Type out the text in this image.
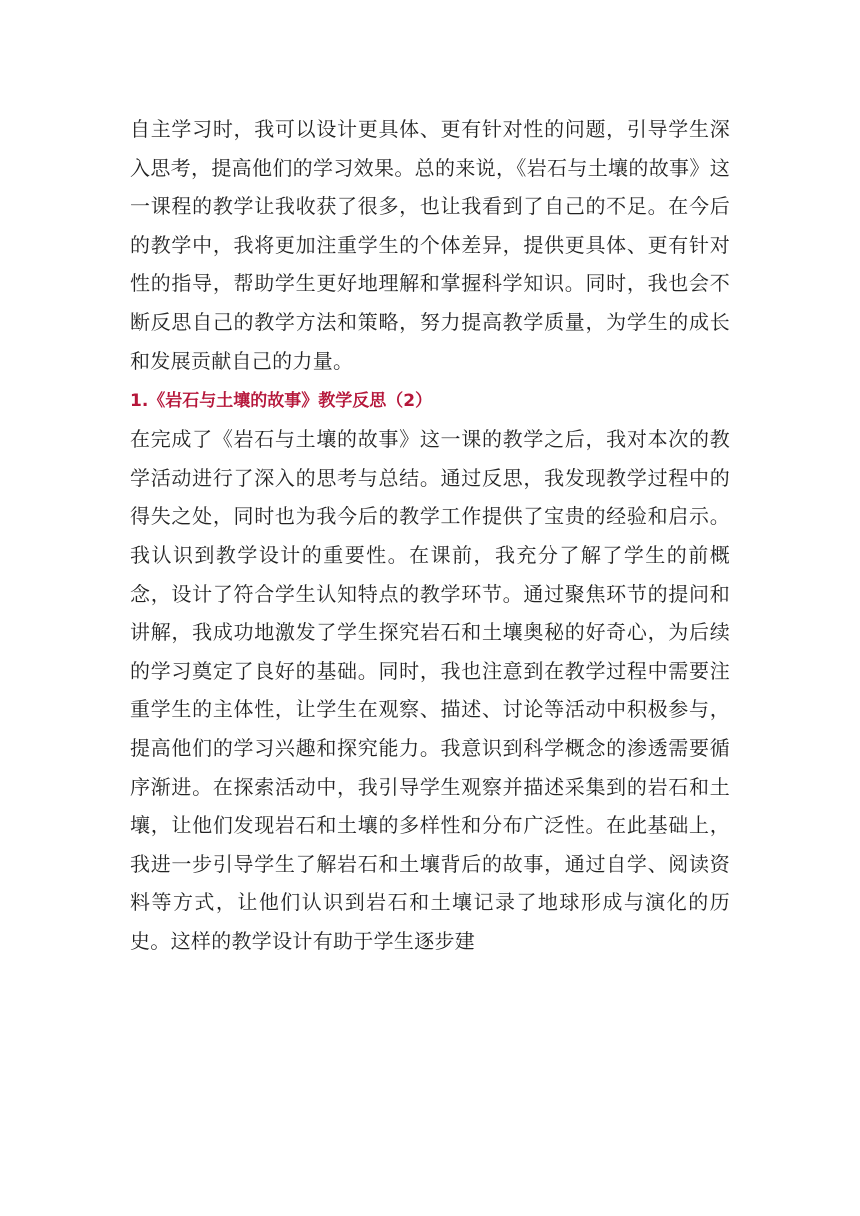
自主学习时，我可以设计更具体、更有针对性的问题，引导学生深入思考，提高他们的学习效果。总的来说，《岩石与土壤的故事》这一课程的教学让我收获了很多，也让我看到了自己的不足。在今后的教学中，我将更加注重学生的个体差异，提供更具体、更有针对性的指导，帮助学生更好地理解和掌握科学知识。同时，我也会不断反思自己的教学方法和策略，努力提高教学质量，为学生的成长和发展贡献自己的力量。

1.《岩石与土壤的故事》教学反思（2）

在完成了《岩石与土壤的故事》这一课的教学之后，我对本次的教学活动进行了深入的思考与总结。通过反思，我发现教学过程中的得失之处，同时也为我今后的教学工作提供了宝贵的经验和启示。我认识到教学设计的重要性。在课前，我充分了解了学生的前概念，设计了符合学生认知特点的教学环节。通过聚焦环节的提问和讲解，我成功地激发了学生探究岩石和土壤奥秘的好奇心，为后续的学习奠定了良好的基础。同时，我也注意到在教学过程中需要注重学生的主体性，让学生在观察、描述、讨论等活动中积极参与，提高他们的学习兴趣和探究能力。我意识到科学概念的渗透需要循序渐进。在探索活动中，我引导学生观察并描述采集到的岩石和土壤，让他们发现岩石和土壤的多样性和分布广泛性。在此基础上，我进一步引导学生了解岩石和土壤背后的故事，通过自学、阅读资料等方式，让他们认识到岩石和土壤记录了地球形成与演化的历史。这样的教学设计有助于学生逐步建
